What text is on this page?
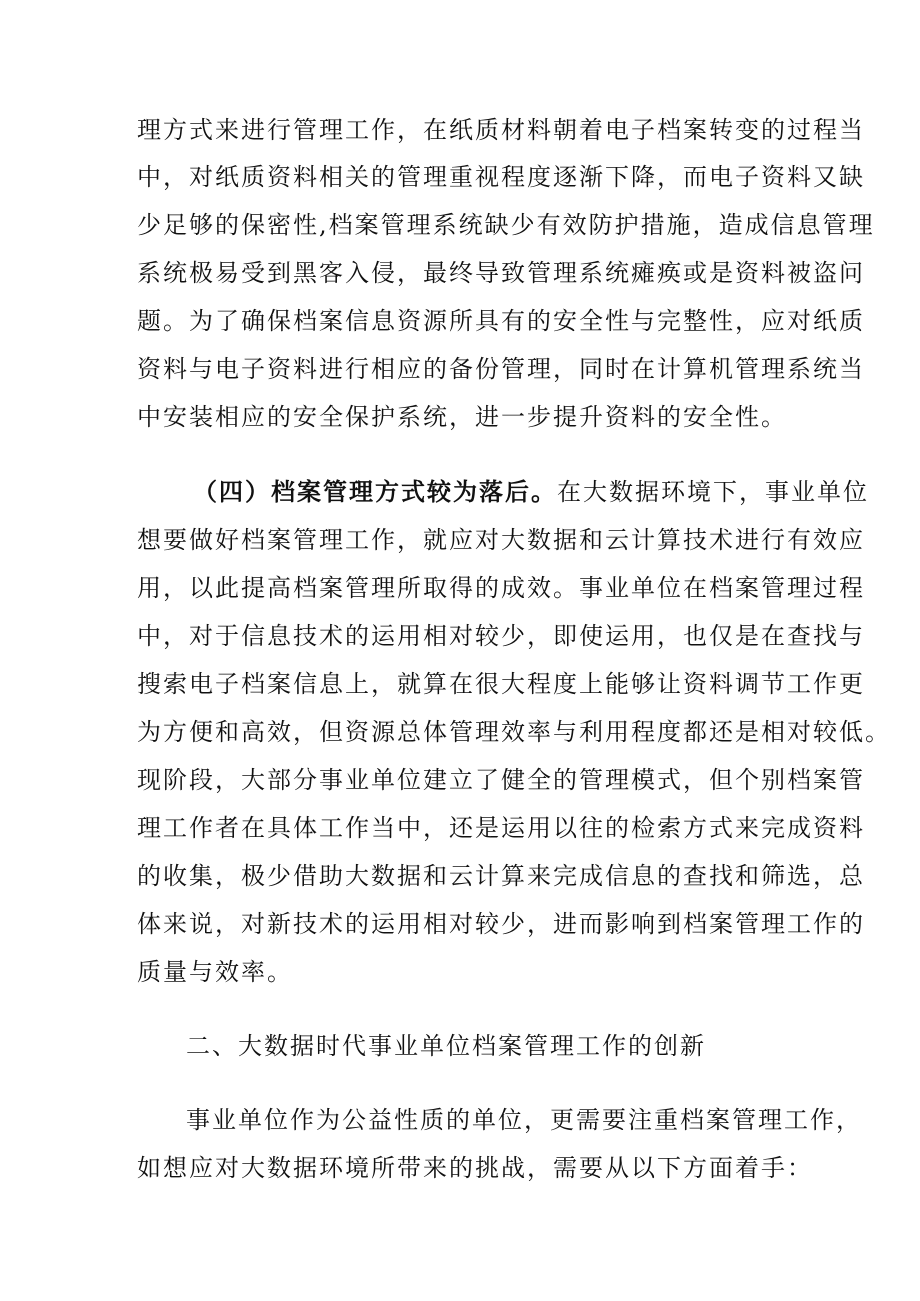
理方式来进行管理工作，在纸质材料朝着电子档案转变的过程当
中，对纸质资料相关的管理重视程度逐渐下降，而电子资料又缺
少足够的保密性,档案管理系统缺少有效防护措施，造成信息管理
系统极易受到黑客入侵，最终导致管理系统瘫痪或是资料被盗问
题。为了确保档案信息资源所具有的安全性与完整性，应对纸质
资料与电子资料进行相应的备份管理，同时在计算机管理系统当
中安装相应的安全保护系统，进一步提升资料的安全性。
（四）档案管理方式较为落后。在大数据环境下，事业单位
想要做好档案管理工作，就应对大数据和云计算技术进行有效应
用，以此提高档案管理所取得的成效。事业单位在档案管理过程
中，对于信息技术的运用相对较少，即使运用，也仅是在查找与
搜索电子档案信息上，就算在很大程度上能够让资料调节工作更
为方便和高效，但资源总体管理效率与利用程度都还是相对较低。
现阶段，大部分事业单位建立了健全的管理模式，但个别档案管
理工作者在具体工作当中，还是运用以往的检索方式来完成资料
的收集，极少借助大数据和云计算来完成信息的查找和筛选，总
体来说，对新技术的运用相对较少，进而影响到档案管理工作的
质量与效率。
二、大数据时代事业单位档案管理工作的创新
事业单位作为公益性质的单位，更需要注重档案管理工作，
如想应对大数据环境所带来的挑战，需要从以下方面着手：
